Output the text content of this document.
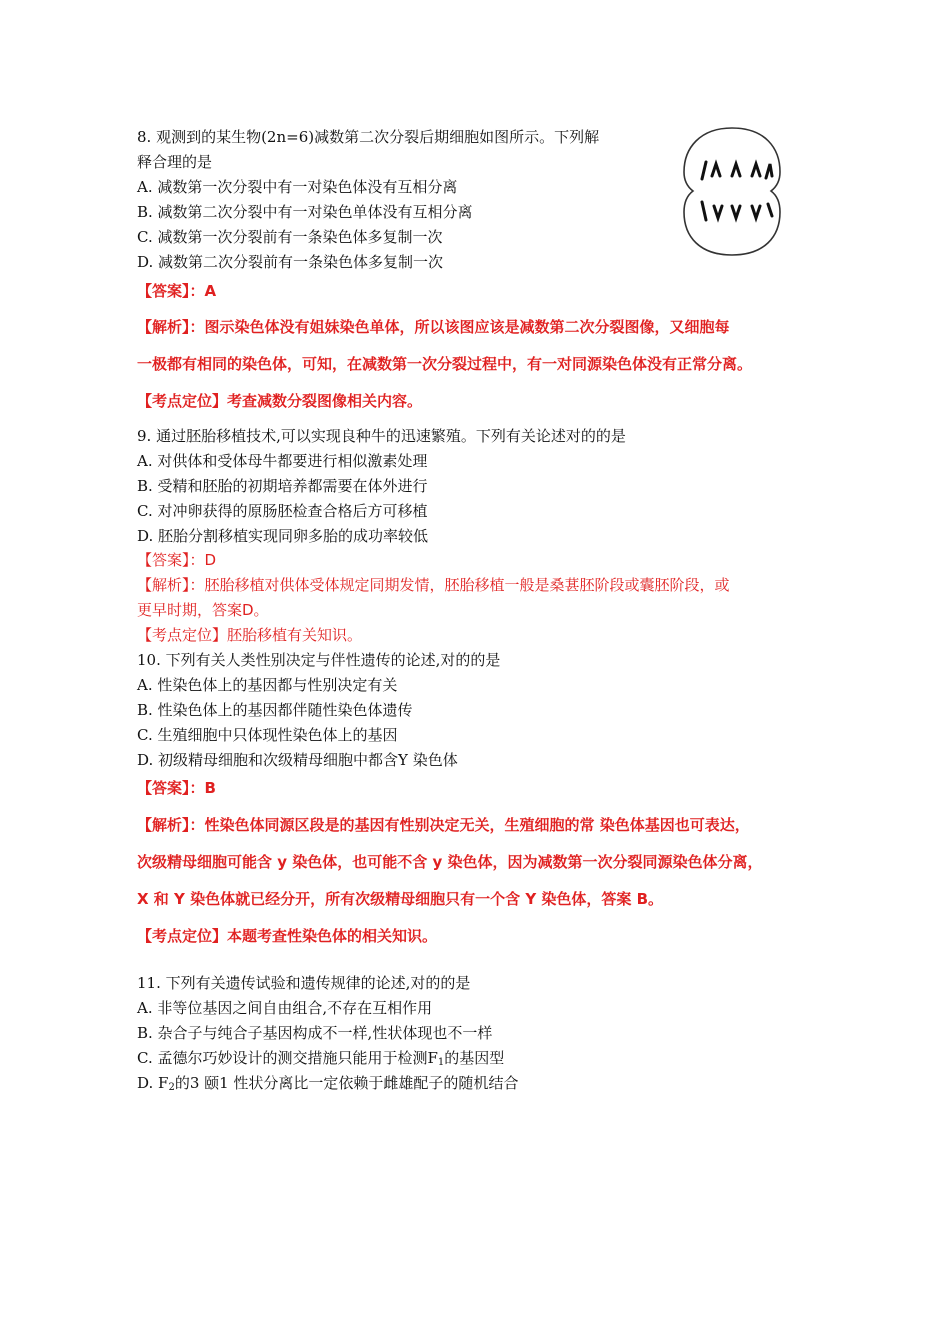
8. 观测到的某生物(2n=6)减数第二次分裂后期细胞如图所示。下列解
释合理的是
A. 减数第一次分裂中有一对染色体没有互相分离
B. 减数第二次分裂中有一对染色单体没有互相分离
C. 减数第一次分裂前有一条染色体多复制一次
D. 减数第二次分裂前有一条染色体多复制一次
【答案】：A
【解析】：图示染色体没有姐妹染色单体，所以该图应该是减数第二次分裂图像，又细胞每
一极都有相同的染色体，可知，在减数第一次分裂过程中，有一对同源染色体没有正常分离。
【考点定位】考查减数分裂图像相关内容。
9. 通过胚胎移植技术,可以实现良种牛的迅速繁殖。下列有关论述对的的是
A. 对供体和受体母牛都要进行相似激素处理
B. 受精和胚胎的初期培养都需要在体外进行
C. 对冲卵获得的原肠胚检查合格后方可移植
D. 胚胎分割移植实现同卵多胎的成功率较低
【答案】：D
【解析】：胚胎移植对供体受体规定同期发情，胚胎移植一般是桑葚胚阶段或囊胚阶段，或
更早时期，答案D。
【考点定位】胚胎移植有关知识。
10. 下列有关人类性别决定与伴性遗传的论述,对的的是
A. 性染色体上的基因都与性别决定有关
B. 性染色体上的基因都伴随性染色体遗传
C. 生殖细胞中只体现性染色体上的基因
D. 初级精母细胞和次级精母细胞中都含Y 染色体
【答案】：B
【解析】：性染色体同源区段是的基因有性别决定无关，生殖细胞的常 染色体基因也可表达，
次级精母细胞可能含 y 染色体，也可能不含 y 染色体，因为减数第一次分裂同源染色体分离，
X 和 Y 染色体就已经分开，所有次级精母细胞只有一个含 Y 染色体，答案 B。
【考点定位】本题考查性染色体的相关知识。
11. 下列有关遗传试验和遗传规律的论述,对的的是
A. 非等位基因之间自由组合,不存在互相作用
B. 杂合子与纯合子基因构成不一样,性状体现也不一样
C. 孟德尔巧妙设计的测交措施只能用于检测$F_1$的基因型
D. $F_2$的3 颐1 性状分离比一定依赖于雌雄配子的随机结合
